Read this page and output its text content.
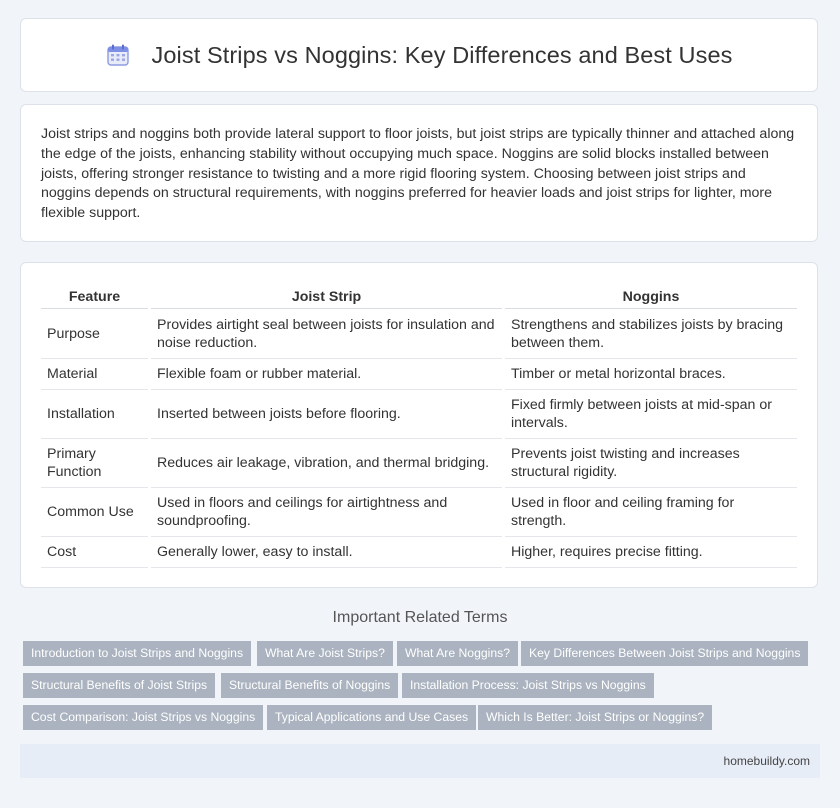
Joist Strips vs Noggins: Key Differences and Best Uses

Joist strips and noggins both provide lateral support to floor joists, but joist strips are typically thinner and attached along the edge of the joists, enhancing stability without occupying much space. Noggins are solid blocks installed between joists, offering stronger resistance to twisting and a more rigid flooring system. Choosing between joist strips and noggins depends on structural requirements, with noggins preferred for heavier loads and joist strips for lighter, more flexible support.

Feature	Joist Strip	Noggins
Purpose	Provides airtight seal between joists for insulation and noise reduction.	Strengthens and stabilizes joists by bracing between them.
Material	Flexible foam or rubber material.	Timber or metal horizontal braces.
Installation	Inserted between joists before flooring.	Fixed firmly between joists at mid-span or intervals.
Primary Function	Reduces air leakage, vibration, and thermal bridging.	Prevents joist twisting and increases structural rigidity.
Common Use	Used in floors and ceilings for airtightness and soundproofing.	Used in floor and ceiling framing for strength.
Cost	Generally lower, easy to install.	Higher, requires precise fitting.
Important Related Terms
Introduction to Joist Strips and Noggins	What Are Joist Strips?	What Are Noggins?	Key Differences Between Joist Strips and Noggins
Structural Benefits of Joist Strips	Structural Benefits of Noggins	Installation Process: Joist Strips vs Noggins
Cost Comparison: Joist Strips vs Noggins	Typical Applications and Use Cases	Which Is Better: Joist Strips or Noggins?
homebuildy.com
